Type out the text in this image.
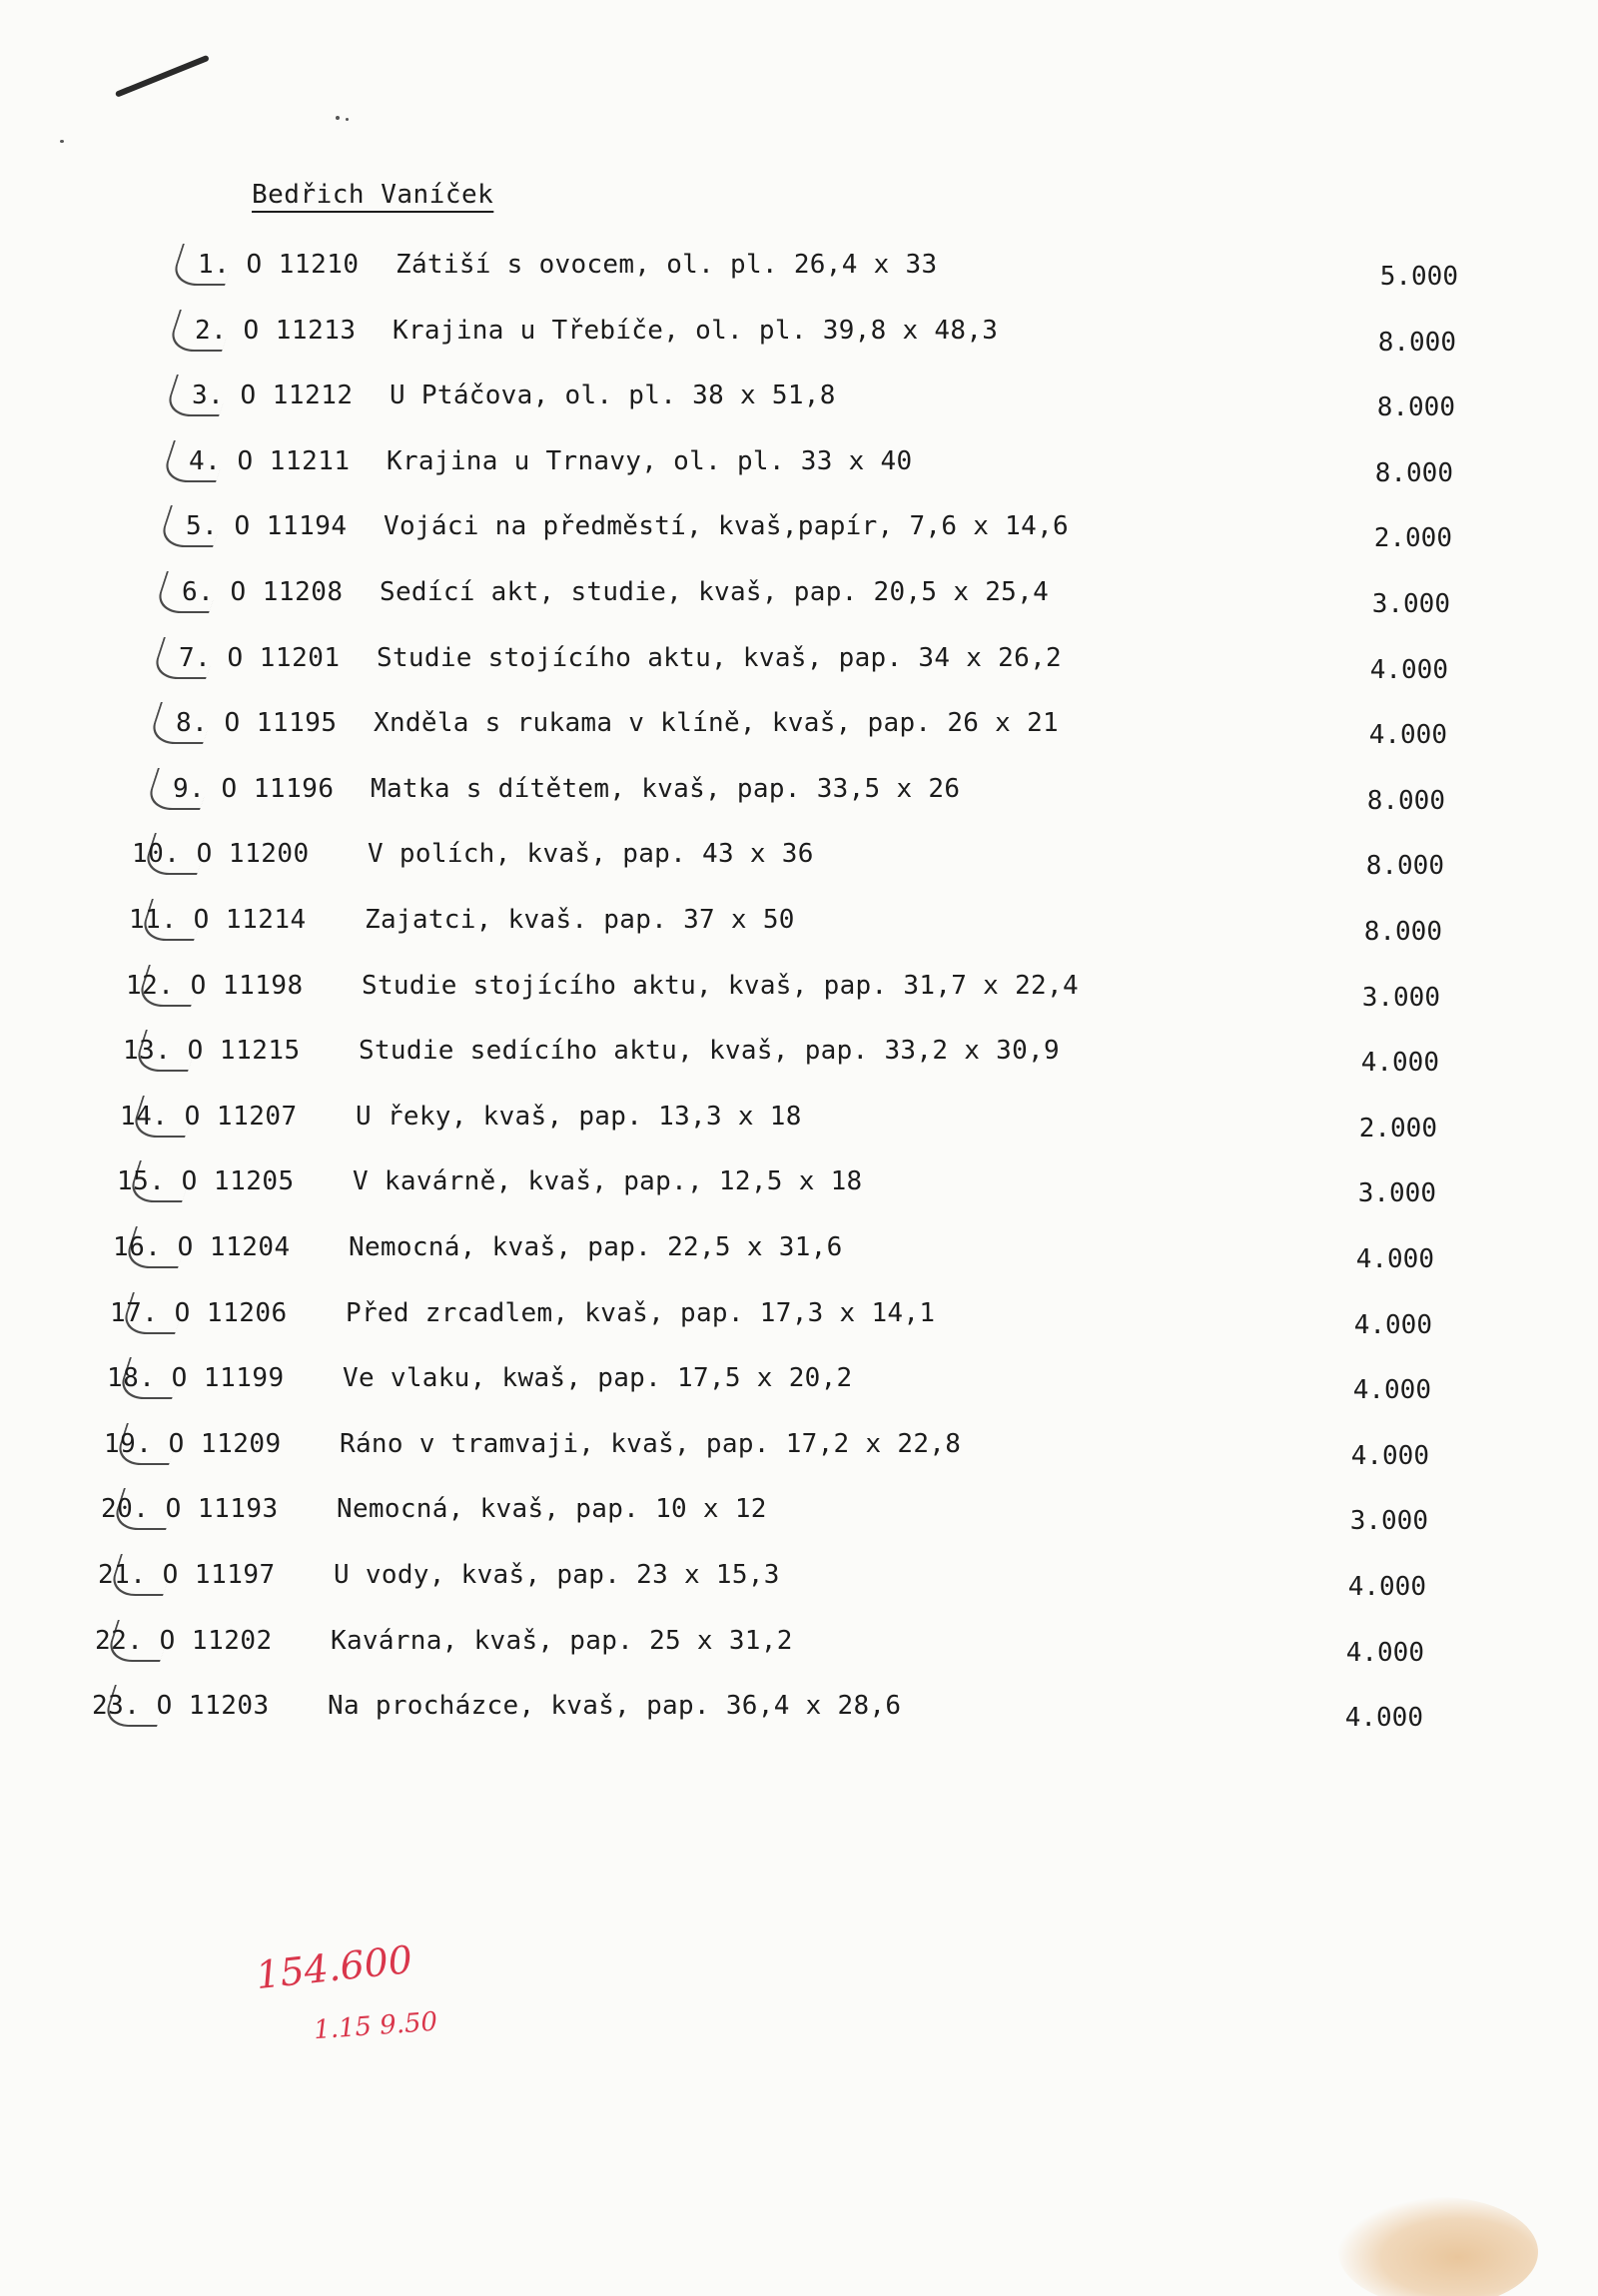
Bedřich Vaníček
1. O 11210 Zátiší s ovocem, ol. pl. 26,4 x 33	5.000
2. O 11213 Krajina u Třebíče, ol. pl. 39,8 x 48,3	8.000
3. O 11212 U Ptáčova, ol. pl. 38 x 51,8	8.000
4. O 11211 Krajina u Trnavy, ol. pl. 33 x 40	8.000
5. O 11194 Vojáci na předměstí, kvaš,papír, 7,6 x 14,6	2.000
6. O 11208 Sedící akt, studie, kvaš, pap. 20,5 x 25,4	3.000
7. O 11201 Studie stojícího aktu, kvaš, pap. 34 x 26,2	4.000
8. O 11195 Xnděla s rukama v klíně, kvaš, pap. 26 x 21	4.000
9. O 11196 Matka s dítětem, kvaš, pap. 33,5 x 26	8.000
10. O 11200 V polích, kvaš, pap. 43 x 36	8.000
11. O 11214 Zajatci, kvaš. pap. 37 x 50	8.000
12. O 11198 Studie stojícího aktu, kvaš, pap. 31,7 x 22,4	3.000
13. O 11215 Studie sedícího aktu, kvaš, pap. 33,2 x 30,9	4.000
14. O 11207 U řeky, kvaš, pap. 13,3 x 18	2.000
15. O 11205 V kavárně, kvaš, pap., 12,5 x 18	3.000
16. O 11204 Nemocná, kvaš, pap. 22,5 x 31,6	4.000
17. O 11206 Před zrcadlem, kvaš, pap. 17,3 x 14,1	4.000
18. O 11199 Ve vlaku, kwaš, pap. 17,5 x 20,2	4.000
19. O 11209 Ráno v tramvaji, kvaš, pap. 17,2 x 22,8	4.000
20. O 11193 Nemocná, kvaš, pap. 10 x 12	3.000
21. O 11197 U vody, kvaš, pap. 23 x 15,3	4.000
22. O 11202 Kavárna, kvaš, pap. 25 x 31,2	4.000
23. O 11203 Na procházce, kvaš, pap. 36,4 x 28,6	4.000
154.600
1.15 9.50
